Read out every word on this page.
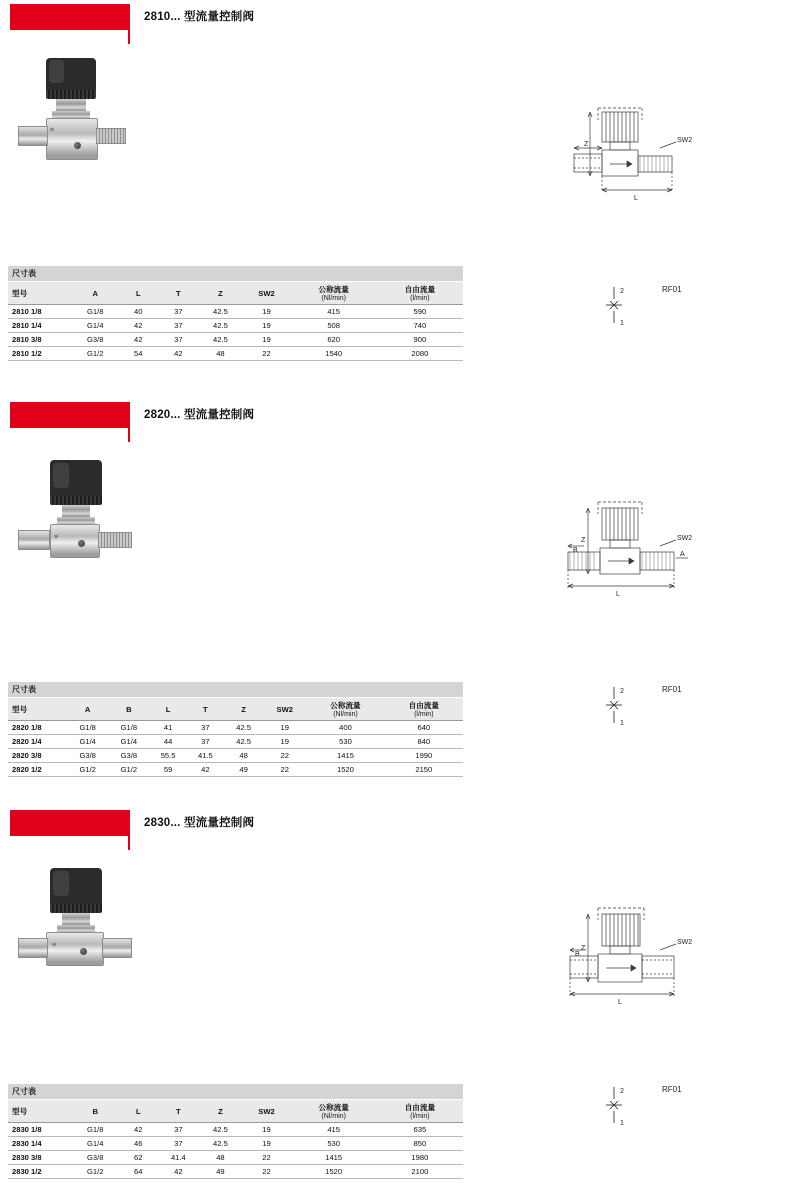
2810... 型流量控制阀
⊕
Z
L
SW2
2
1
RF01
尺寸表
型号	A	L	T	Z	SW2	公称流量
(Nl/min)	自由流量
(l/min)

2810 1/8	G1/8	40	37	42.5	19	415	590
2810 1/4	G1/4	42	37	42.5	19	508	740
2810 3/8	G3/8	42	37	42.5	19	620	900
2810 1/2	G1/2	54	42	48	22	1540	2080
2820... 型流量控制阀
⊕	Z
L
SW2
B
A
2
1
RF01
尺寸表
型号	A	B	L	T	Z	SW2	公称流量
(Nl/min)	自由流量
(l/min)

2820 1/8	G1/8	G1/8	41	37	42.5	19	400	640
2820 1/4	G1/4	G1/4	44	37	42.5	19	530	840
2820 3/8	G3/8	G3/8	55.5	41.5	48	22	1415	1990
2820 1/2	G1/2	G1/2	59	42	49	22	1520	2150
2830... 型流量控制阀
⊕	Z
L
SW2
B
2
1
RF01
尺寸表
型号	B	L	T	Z	SW2	公称流量
(Nl/min)	自由流量
(l/min)

2830 1/8	G1/8	42	37	42.5	19	415	635
2830 1/4	G1/4	46	37	42.5	19	530	850
2830 3/8	G3/8	62	41.4	48	22	1415	1980
2830 1/2	G1/2	64	42	49	22	1520	2100
